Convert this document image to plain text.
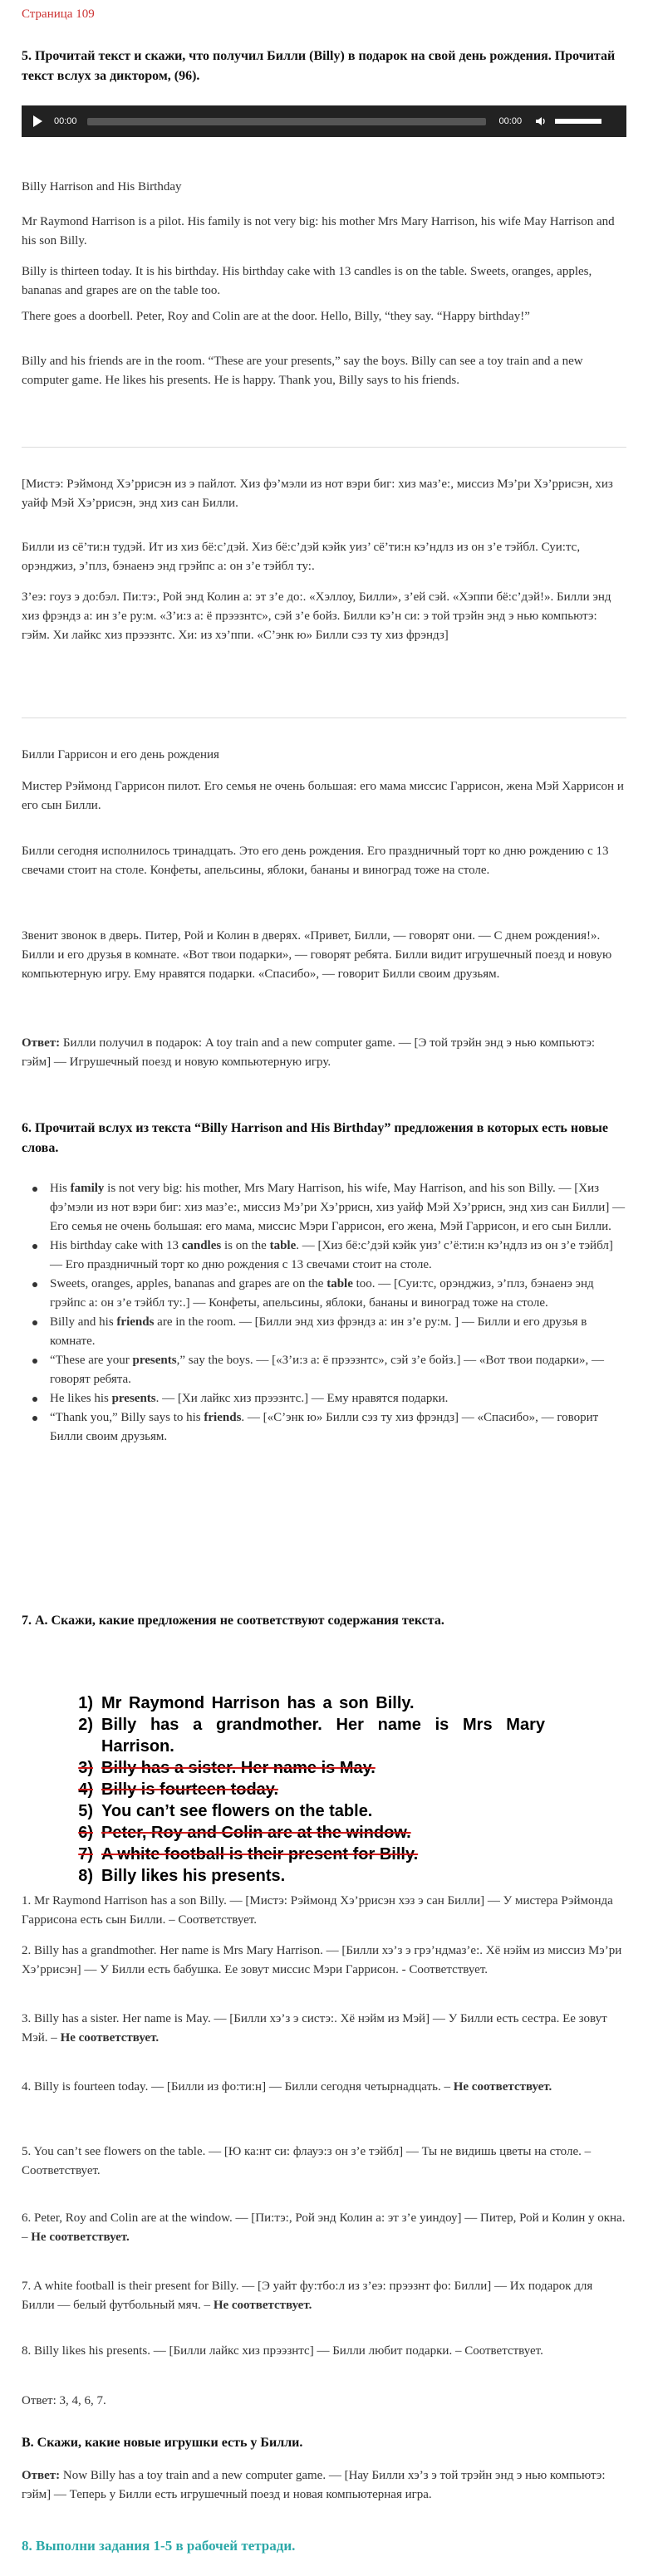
Страница 109

5. Прочитай текст и скажи, что получил Билли (Billy) в подарок на свой день рождения. Прочитай текст вслух за диктором, (96).

00:00	00:00

Billy Harrison and His Birthday

Mr Raymond Harrison is a pilot. His family is not very big: his mother Mrs Mary Harrison, his wife May Harrison and his son Billy.

Billy is thirteen today. It is his birthday. His birthday cake with 13 candles is on the table. Sweets, oranges, apples, bananas and grapes are on the table too.

There goes a doorbell. Peter, Roy and Colin are at the door. Hello, Billy, “they say. “Happy birthday!”

Billy and his friends are in the room. “These are your presents,” say the boys. Billy can see a toy train and a new computer game. He likes his presents. He is happy. Thank you, Billy says to his friends.

[Мистэ: Рэймонд Хэ’ррисэн из э пайлот. Хиз фэ’мэли из нот вэри биг: хиз маз’е:, миссиз Мэ’ри Хэ’ррисэн, хиз уайф Мэй Хэ’ррисэн, энд хиз сан Билли.

Билли из сё’ти:н тудэй. Ит из хиз бё:с’дэй. Хиз бё:с’дэй кэйк уиз’ сё’ти:н кэ’ндлз из он з’е тэйбл. Суи:тс, орэнджиз, э’плз, бэнаенэ энд грэйпс а: он з’е тэйбл ту:.

З’еэ: гоуз э до:бэл. Пи:тэ:, Рой энд Колин а: эт з’е до:. «Хэллоу, Билли», з’ей сэй. «Хэппи бё:с’дэй!». Билли энд хиз фрэндз а: ин з’е ру:м. «З’и:з а: ё прээзнтс», сэй з’е бойз. Билли кэ’н си: э той трэйн энд э нью компьютэ: гэйм. Хи лайкс хиз прээзнтс. Хи: из хэ’ппи. «С’энк ю» Билли сэз ту хиз фрэндз]

Билли Гаррисон и его день рождения

Мистер Рэймонд Гаррисон пилот. Его семья не очень большая: его мама миссис Гаррисон, жена Мэй Харрисон и его сын Билли.

Билли сегодня исполнилось тринадцать. Это его день рождения. Его праздничный торт ко дню рождению с 13 свечами стоит на столе. Конфеты, апельсины, яблоки, бананы и виноград тоже на столе.

Звенит звонок в дверь. Питер, Рой и Колин в дверях. «Привет, Билли, — говорят они. — С днем рождения!». Билли и его друзья в комнате. «Вот твои подарки», — говорят ребята. Билли видит игрушечный поезд и новую компьютерную игру. Ему нравятся подарки. «Спасибо», — говорит Билли своим друзьям.

Ответ: Билли получил в подарок: A toy train and a new computer game. — [Э той трэйн энд э нью компьютэ: гэйм] — Игрушечный поезд и новую компьютерную игру.

6. Прочитай вслух из текста “Billy Harrison and His Birthday” предложения в которых есть новые слова.

His family is not very big: his mother, Mrs Mary Harrison, his wife, May Harrison, and his son Billy. — [Хиз фэ’мэли из нот вэри биг: хиз маз’е:, миссиз Мэ’ри Хэ’ррисн, хиз уайф Мэй Хэ’ррисн, энд хиз сан Билли] — Его семья не очень большая: его мама, миссис Мэри Гаррисон, его жена, Мэй Гаррисон, и его сын Билли.
His birthday cake with 13 candles is on the table. — [Хиз бё:с’дэй кэйк уиз’ с’ё:ти:н кэ’ндлз из он з’е тэйбл] — Его праздничный торт ко дню рождения с 13 свечами стоит на столе.
Sweets, oranges, apples, bananas and grapes are on the table too. — [Суи:тс, орэнджиз, э’плз, бэнаенэ энд грэйпс а: он з’е тэйбл ту:.] — Конфеты, апельсины, яблоки, бананы и виноград тоже на столе.
Billy and his friends are in the room. — [Билли энд хиз фрэндз а: ин з’е ру:м. ] — Билли и его друзья в комнате.
“These are your presents,” say the boys. — [«З’и:з а: ё прээзнтс», сэй з’е бойз.] — «Вот твои подарки», — говорят ребята.
He likes his presents. — [Хи лайкс хиз прээзнтс.] — Ему нравятся подарки.
“Thank you,” Billy says to his friends. — [«С’энк ю» Билли сэз ту хиз фрэндз] — «Спасибо», — говорит Билли своим друзьям.

7. А. Скажи, какие предложения не соответствуют содержания текста.

1) Mr Raymond Harrison has a son Billy.
2) Billy has a grandmother. Her name is Mrs Mary Harrison.
3) Billy has a sister. Her name is May.
4) Billy is fourteen today.
5) You can’t see flowers on the table.
6) Peter, Roy and Colin are at the window.
7) A white football is their present for Billy.
8) Billy likes his presents.

1. Mr Raymond Harrison has a son Billy. — [Мистэ: Рэймонд Хэ’ррисэн хэз э сан Билли] — У мистера Рэймонда Гаррисона есть сын Билли. – Соответствует.

2. Billy has a grandmother. Her name is Mrs Mary Harrison. — [Билли хэ’з э грэ’ндмаз’е:. Хё нэйм из миссиз Мэ’ри Хэ’ррисэн] — У Билли есть бабушка. Ее зовут миссис Мэри Гаррисон. - Соответствует.

3. Billy has a sister. Her name is May. — [Билли хэ’з э систэ:. Хё нэйм из Мэй] — У Билли есть сестра. Ее зовут Мэй. – Не соответствует.

4. Billy is fourteen today. — [Билли из фо:ти:н] — Билли сегодня четырнадцать. – Не соответствует.

5. You can’t see flowers on the table. — [Ю ка:нт си: флауэ:з он з’е тэйбл] — Ты не видишь цветы на столе. – Соответствует.

6. Peter, Roy and Colin are at the window. — [Пи:тэ:, Рой энд Колин а: эт з’е уиндоу] — Питер, Рой и Колин у окна. – Не соответствует.

7. A white football is their present for Billy. — [Э уайт фу:тбо:л из з’еэ: прээзнт фо: Билли] — Их подарок для Билли — белый футбольный мяч. – Не соответствует.

8. Billy likes his presents. — [Билли лайкс хиз прээзнтс] — Билли любит подарки. – Соответствует.

Ответ: 3, 4, 6, 7.

В. Скажи, какие новые игрушки есть у Билли.

Ответ: Now Billy has a toy train and a new computer game. — [Нау Билли хэ’з э той трэйн энд э нью компьютэ: гэйм] — Теперь у Билли есть игрушечный поезд и новая компьютерная игра.

8. Выполни задания 1-5 в рабочей тетради.
